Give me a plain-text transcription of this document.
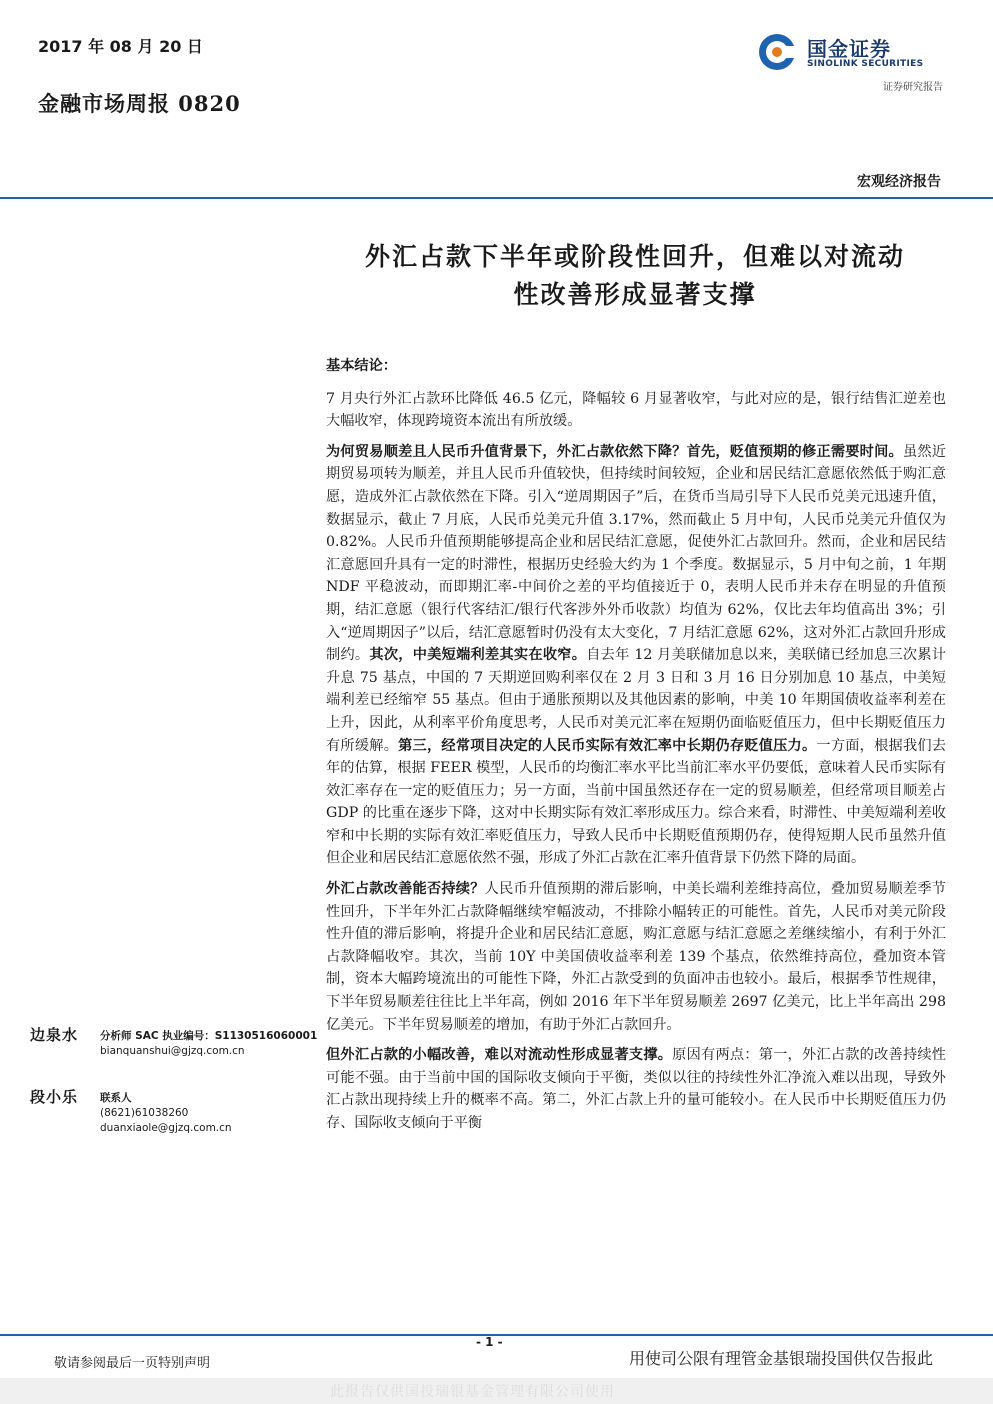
2017 年 08 月 20 日
金融市场周报 0820
国金证券
SINOLINK SECURITIES
证券研究报告
宏观经济报告
外汇占款下半年或阶段性回升，但难以对流动
性改善形成显著支撑

基本结论：

7 月央行外汇占款环比降低 46.5 亿元，降幅较 6 月显著收窄，与此对应的是，银行结售汇逆差也大幅收窄，体现跨境资本流出有所放缓。

为何贸易顺差且人民币升值背景下，外汇占款依然下降？首先，贬值预期的修正需要时间。虽然近期贸易项转为顺差，并且人民币升值较快，但持续时间较短，企业和居民结汇意愿依然低于购汇意愿，造成外汇占款依然在下降。引入“逆周期因子”后，在货币当局引导下人民币兑美元迅速升值，数据显示，截止 7 月底，人民币兑美元升值 3.17%，然而截止 5 月中旬，人民币兑美元升值仅为 0.82%。人民币升值预期能够提高企业和居民结汇意愿，促使外汇占款回升。然而，企业和居民结汇意愿回升具有一定的时滞性，根据历史经验大约为 1 个季度。数据显示，5 月中旬之前，1 年期 NDF 平稳波动，而即期汇率-中间价之差的平均值接近于 0，表明人民币并未存在明显的升值预期，结汇意愿（银行代客结汇/银行代客涉外外币收款）均值为 62%，仅比去年均值高出 3%；引入“逆周期因子”以后，结汇意愿暂时仍没有太大变化，7 月结汇意愿 62%，这对外汇占款回升形成制约。其次，中美短端利差其实在收窄。自去年 12 月美联储加息以来，美联储已经加息三次累计升息 75 基点，中国的 7 天期逆回购利率仅在 2 月 3 日和 3 月 16 日分别加息 10 基点，中美短端利差已经缩窄 55 基点。但由于通胀预期以及其他因素的影响，中美 10 年期国债收益率利差在上升，因此，从利率平价角度思考，人民币对美元汇率在短期仍面临贬值压力，但中长期贬值压力有所缓解。第三，经常项目决定的人民币实际有效汇率中长期仍存贬值压力。一方面，根据我们去年的估算，根据 FEER 模型，人民币的均衡汇率水平比当前汇率水平仍要低，意味着人民币实际有效汇率存在一定的贬值压力；另一方面，当前中国虽然还存在一定的贸易顺差，但经常项目顺差占 GDP 的比重在逐步下降，这对中长期实际有效汇率形成压力。综合来看，时滞性、中美短端利差收窄和中长期的实际有效汇率贬值压力，导致人民币中长期贬值预期仍存，使得短期人民币虽然升值但企业和居民结汇意愿依然不强，形成了外汇占款在汇率升值背景下仍然下降的局面。

外汇占款改善能否持续？人民币升值预期的滞后影响，中美长端利差维持高位，叠加贸易顺差季节性回升，下半年外汇占款降幅继续窄幅波动，不排除小幅转正的可能性。首先，人民币对美元阶段性升值的滞后影响，将提升企业和居民结汇意愿，购汇意愿与结汇意愿之差继续缩小，有利于外汇占款降幅收窄。其次，当前 10Y 中美国债收益率利差 139 个基点，依然维持高位，叠加资本管制，资本大幅跨境流出的可能性下降，外汇占款受到的负面冲击也较小。最后，根据季节性规律，下半年贸易顺差往往比上半年高，例如 2016 年下半年贸易顺差 2697 亿美元，比上半年高出 298 亿美元。下半年贸易顺差的增加，有助于外汇占款回升。

但外汇占款的小幅改善，难以对流动性形成显著支撑。原因有两点：第一，外汇占款的改善持续性可能不强。由于当前中国的国际收支倾向于平衡，类似以往的持续性外汇净流入难以出现，导致外汇占款出现持续上升的概率不高。第二，外汇占款上升的量可能较小。在人民币中长期贬值压力仍存、国际收支倾向于平衡

边泉水 分析师 SAC 执业编号：S1130516060001
bianquanshui@gjzq.com.cn
段小乐 联系人
(8621)61038260
duanxiaole@gjzq.com.cn
- 1 -
敬请参阅最后一页特别声明	用使司公限有理管金基银瑞投国供仅告报此
此报告仅供国投瑞银基金管理有限公司使用
